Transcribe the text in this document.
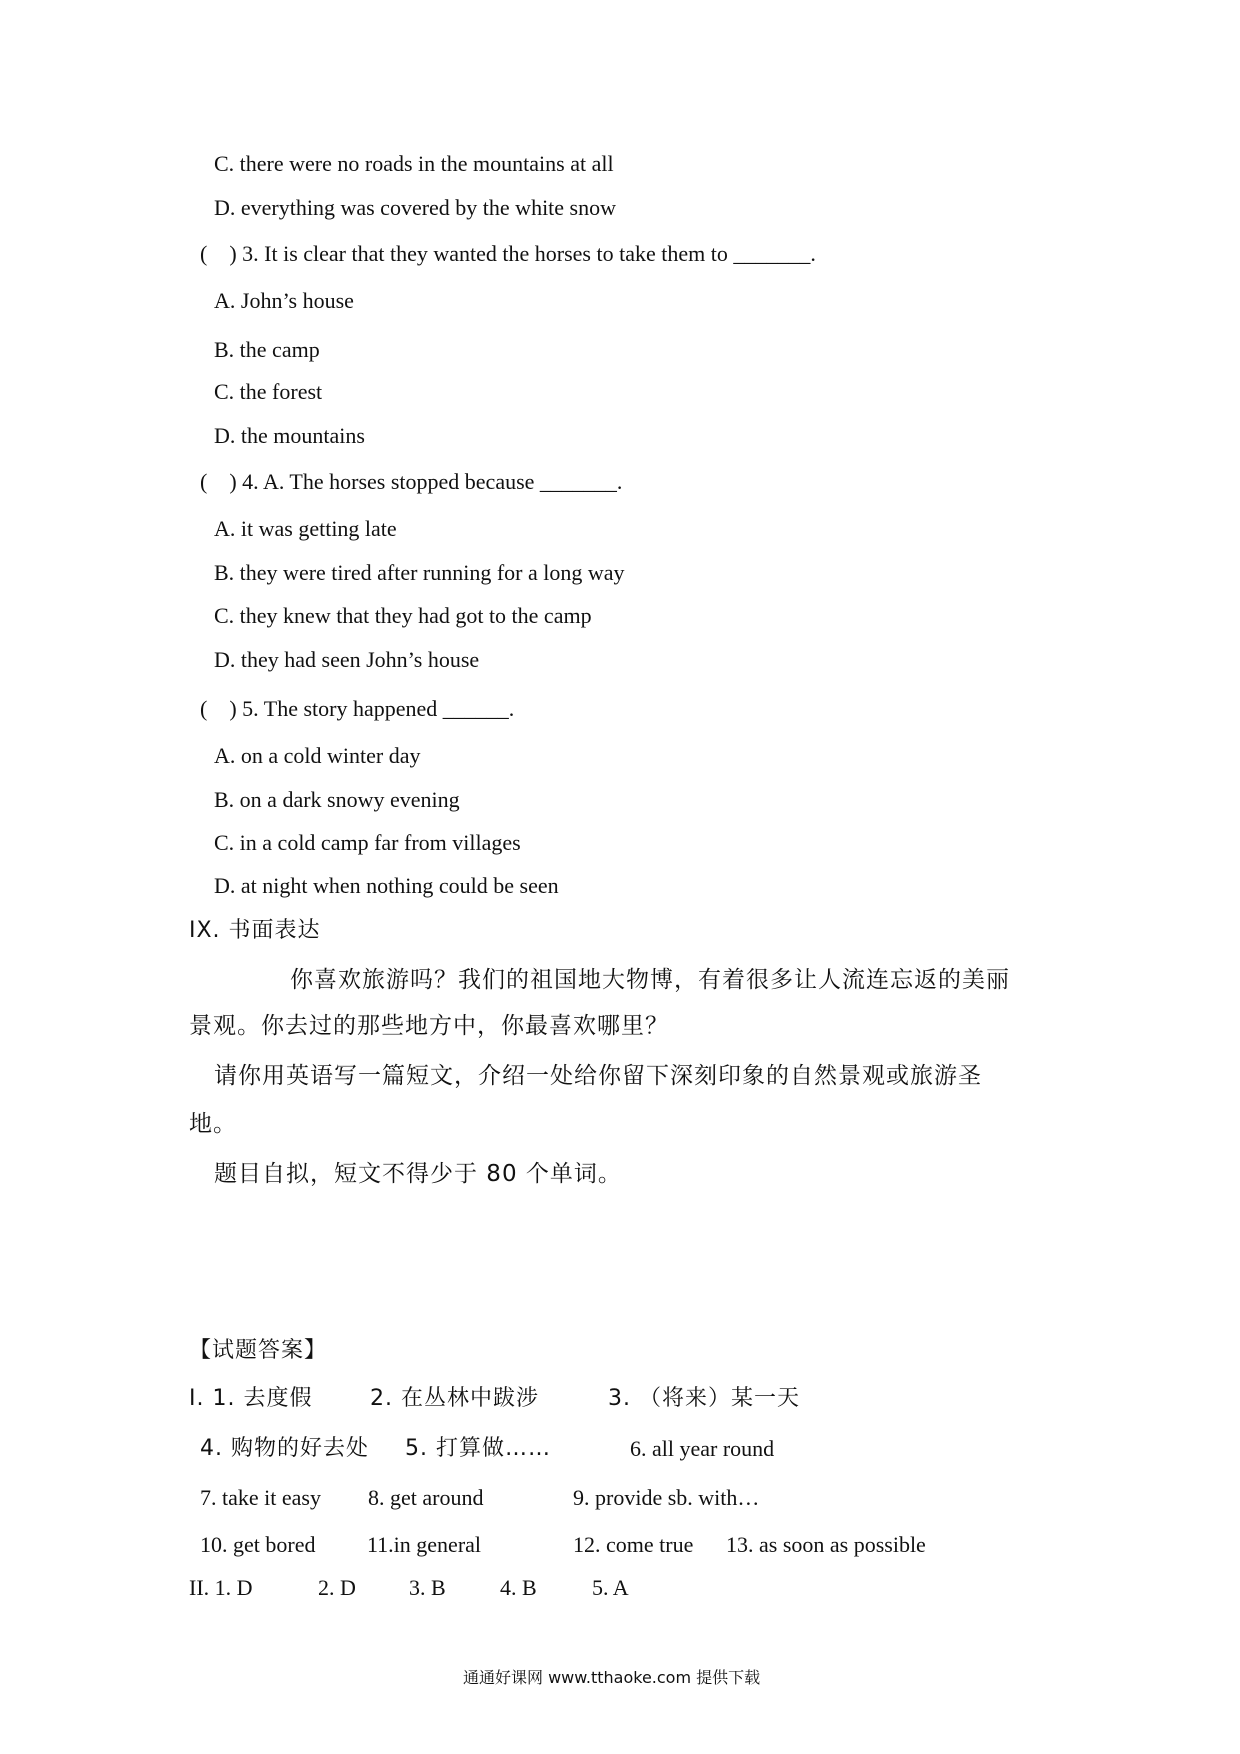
C. there were no roads in the mountains at all
D. everything was covered by the white snow
(    ) 3. It is clear that they wanted the horses to take them to _______.
A. John’s house
B. the camp
C. the forest
D. the mountains
(    ) 4. A. The horses stopped because _______.
A. it was getting late
B. they were tired after running for a long way
C. they knew that they had got to the camp
D. they had seen John’s house
(    ) 5. The story happened ______.
A. on a cold winter day
B. on a dark snowy evening
C. in a cold camp far from villages
D. at night when nothing could be seen
IX. 书面表达
你喜欢旅游吗？我们的祖国地大物博，有着很多让人流连忘返的美丽
景观。你去过的那些地方中，你最喜欢哪里？
请你用英语写一篇短文，介绍一处给你留下深刻印象的自然景观或旅游圣
地。
题目自拟，短文不得少于 80 个单词。
【试题答案】
I. 1. 去度假	2. 在丛林中跋涉	3. （将来）某一天
4. 购物的好去处 5. 打算做……	6. all year round
7. take it easy 8. get around	9. provide sb. with…
10. get bored 11.in general	12. come true 13. as soon as possible
II. 1. D	2. D 3. B 4. B	5. A
通通好课网 www.tthaoke.com 提供下载
